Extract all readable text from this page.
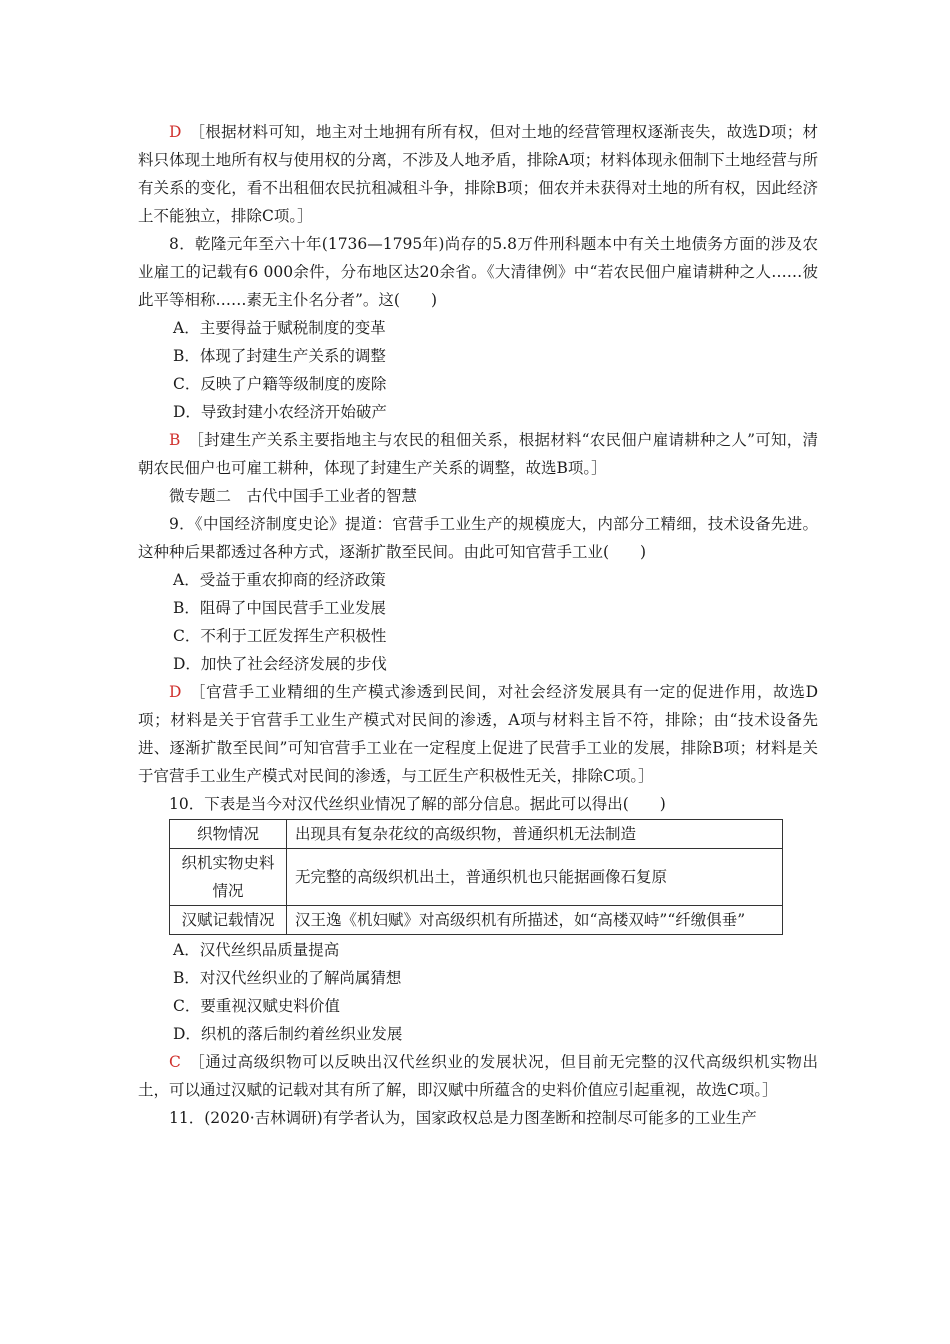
D  ［根据材料可知，地主对土地拥有所有权，但对土地的经营管理权逐渐丧失，故选D项；材料只体现土地所有权与使用权的分离，不涉及人地矛盾，排除A项；材料体现永佃制下土地经营与所有关系的变化，看不出租佃农民抗租减租斗争，排除B项；佃农并未获得对土地的所有权，因此经济上不能独立，排除C项。］

8．乾隆元年至六十年(1736—1795年)尚存的5.8万件刑科题本中有关土地债务方面的涉及农业雇工的记载有6 000余件，分布地区达20余省。《大清律例》中“若农民佃户雇请耕种之人……彼此平等相称……素无主仆名分者”。这(　　)

A．主要得益于赋税制度的变革

B．体现了封建生产关系的调整

C．反映了户籍等级制度的废除

D．导致封建小农经济开始破产

B  ［封建生产关系主要指地主与农民的租佃关系，根据材料“农民佃户雇请耕种之人”可知，清朝农民佃户也可雇工耕种，体现了封建生产关系的调整，故选B项。］

微专题二　古代中国手工业者的智慧

9．《中国经济制度史论》提道：官营手工业生产的规模庞大，内部分工精细，技术设备先进。这种种后果都透过各种方式，逐渐扩散至民间。由此可知官营手工业(　　)

A．受益于重农抑商的经济政策

B．阻碍了中国民营手工业发展

C．不利于工匠发挥生产积极性

D．加快了社会经济发展的步伐

D  ［官营手工业精细的生产模式渗透到民间，对社会经济发展具有一定的促进作用，故选D项；材料是关于官营手工业生产模式对民间的渗透，A项与材料主旨不符，排除；由“技术设备先进、逐渐扩散至民间”可知官营手工业在一定程度上促进了民营手工业的发展，排除B项；材料是关于官营手工业生产模式对民间的渗透，与工匠生产积极性无关，排除C项。］

10．下表是当今对汉代丝织业情况了解的部分信息。据此可以得出(　　)

织物情况	出现具有复杂花纹的高级织物，普通织机无法制造
织机实物史料情况	无完整的高级织机出土，普通织机也只能据画像石复原
汉赋记载情况	汉王逸《机妇赋》对高级织机有所描述，如“高楼双峙”“纤缴俱垂”

A．汉代丝织品质量提高

B．对汉代丝织业的了解尚属猜想

C．要重视汉赋史料价值

D．织机的落后制约着丝织业发展

C  ［通过高级织物可以反映出汉代丝织业的发展状况，但目前无完整的汉代高级织机实物出土，可以通过汉赋的记载对其有所了解，即汉赋中所蕴含的史料价值应引起重视，故选C项。］

11．(2020·吉林调研)有学者认为，国家政权总是力图垄断和控制尽可能多的工业生产
